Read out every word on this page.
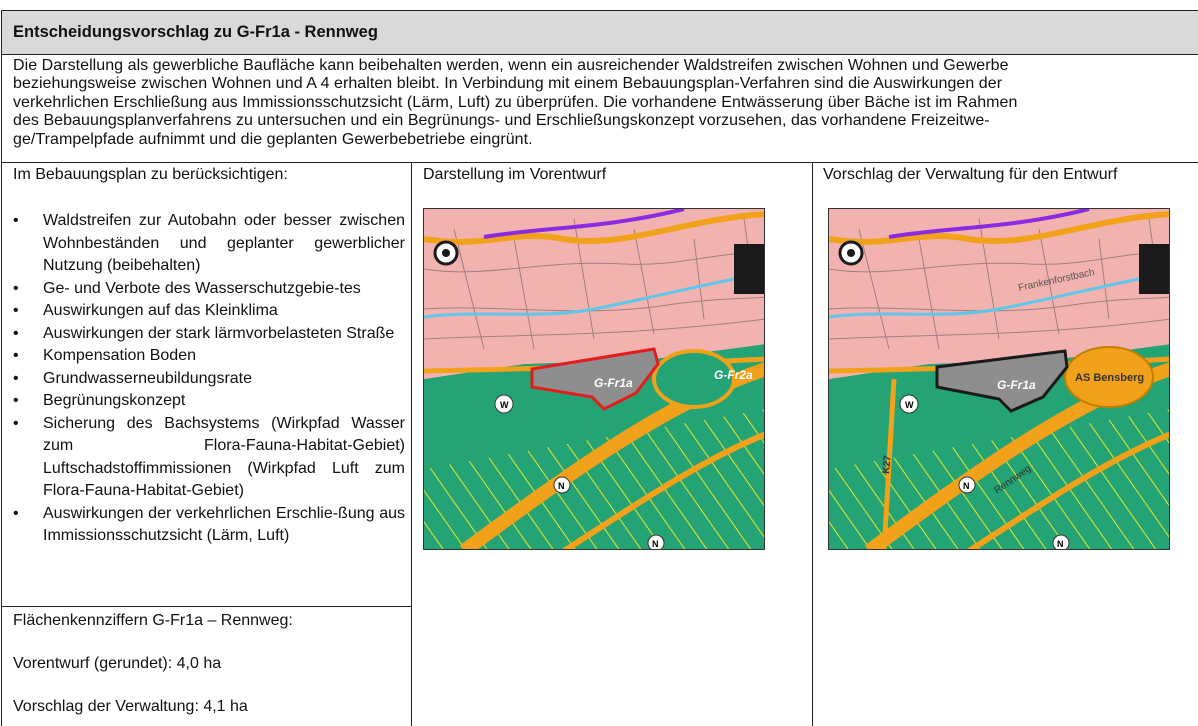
Entscheidungsvorschlag zu G-Fr1a - Rennweg
Die Darstellung als gewerbliche Baufläche kann beibehalten werden, wenn ein ausreichender Waldstreifen zwischen Wohnen und Gewerbe
beziehungsweise zwischen Wohnen und A 4 erhalten bleibt. In Verbindung mit einem Bebauungsplan-Verfahren sind die Auswirkungen der
verkehrlichen Erschließung aus Immissionsschutzsicht (Lärm, Luft) zu überprüfen. Die vorhandene Entwässerung über Bäche ist im Rahmen
des Bebauungsplanverfahrens zu untersuchen und ein Begrünungs- und Erschließungskonzept vorzusehen, das vorhandene Freizeitwe-
ge/Trampelpfade aufnimmt und die geplanten Gewerbebetriebe eingrünt.
Im Bebauungsplan zu berücksichtigen:	Darstellung im Vorentwurf	Vorschlag der Verwaltung für den Entwurf
• Waldstreifen zur Autobahn oder besser zwischen Wohnbeständen und geplanter gewerblicher Nutzung (beibehalten)
• Ge- und Verbote des Wasserschutzgebie-tes
• Auswirkungen auf das Kleinklima
• Auswirkungen der stark lärmvorbelasteten Straße
• Kompensation Boden
• Grundwasserneubildungsrate
• Begrünungskonzept
• Sicherung des Bachsystems (Wirkpfad Wasser zum Flora-Fauna-Habitat-Gebiet) Luftschadstoffimmissionen (Wirkpfad Luft zum Flora-Fauna-Habitat-Gebiet)
• Auswirkungen der verkehrlichen Erschlie-ßung aus Immissionsschutzsicht (Lärm, Luft)
Flächenkennziffern G-Fr1a – Rennweg:
Vorentwurf (gerundet): 4,0 ha
Vorschlag der Verwaltung: 4,1 ha
G-Fr1a
G-Fr2a
W
N
N
Frankenforstbach
K27	Rennweg
AS Bensberg
G-Fr1a
W
N
N
